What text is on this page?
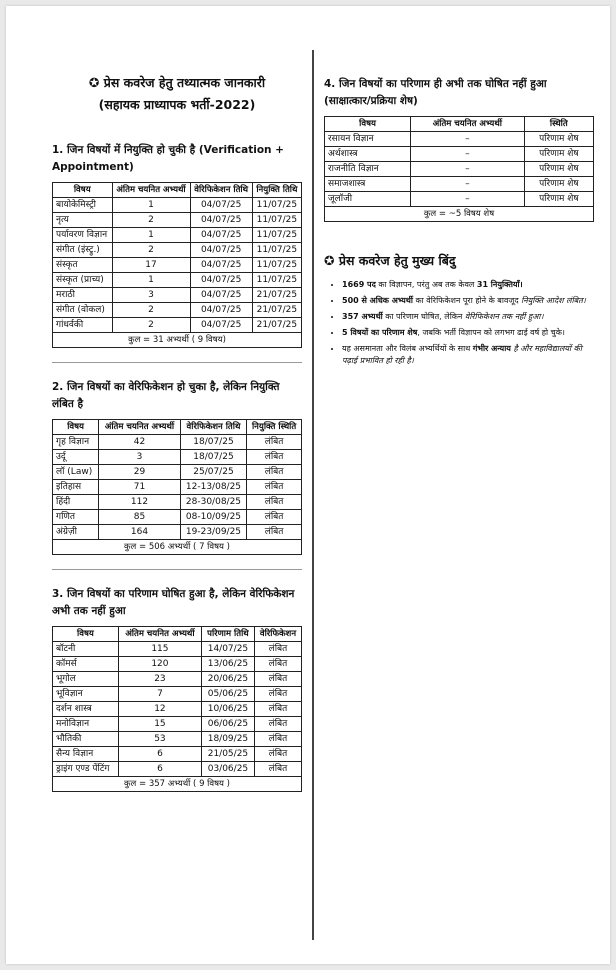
✪ प्रेस कवरेज हेतु तथ्यात्मक जानकारी
(सहायक प्राध्यापक भर्ती-2022)
1. जिन विषयों में नियुक्ति हो चुकी है (Verification + Appointment)
विषय	अंतिम चयनित अभ्यर्थी	वेरिफिकेशन तिथि	नियुक्ति तिथि
बायोकेमिस्ट्री	1	04/07/25	11/07/25
नृत्य	2	04/07/25	11/07/25
पर्यावरण विज्ञान	1	04/07/25	11/07/25
संगीत (इंस्ट्रु.)	2	04/07/25	11/07/25
संस्कृत	17	04/07/25	11/07/25
संस्कृत (प्राच्य)	1	04/07/25	11/07/25
मराठी	3	04/07/25	21/07/25
संगीत (वोकल)	2	04/07/25	21/07/25
गांधर्वकी	2	04/07/25	21/07/25
कुल = 31 अभ्यर्थी ( 9 विषय)			
2. जिन विषयों का वेरिफिकेशन हो चुका है, लेकिन नियुक्ति लंबित है
विषय	अंतिम चयनित अभ्यर्थी	वेरिफिकेशन तिथि	नियुक्ति स्थिति
गृह विज्ञान	42	18/07/25	लंबित
उर्दू	3	18/07/25	लंबित
लॉ (Law)	29	25/07/25	लंबित
इतिहास	71	12-13/08/25	लंबित
हिंदी	112	28-30/08/25	लंबित
गणित	85	08-10/09/25	लंबित
अंग्रेज़ी	164	19-23/09/25	लंबित
कुल = 506 अभ्यर्थी ( 7 विषय )			
3. जिन विषयों का परिणाम घोषित हुआ है, लेकिन वेरिफिकेशन अभी तक नहीं हुआ
विषय	अंतिम चयनित अभ्यर्थी	परिणाम तिथि	वेरिफिकेशन
बॉटनी	115	14/07/25	लंबित
कॉमर्स	120	13/06/25	लंबित
भूगोल	23	20/06/25	लंबित
भूविज्ञान	7	05/06/25	लंबित
दर्शन शास्त्र	12	10/06/25	लंबित
मनोविज्ञान	15	06/06/25	लंबित
भौतिकी	53	18/09/25	लंबित
सैन्य विज्ञान	6	21/05/25	लंबित
ड्राइंग एण्ड पेंटिंग	6	03/06/25	लंबित
कुल = 357 अभ्यर्थी ( 9 विषय )			
4. जिन विषयों का परिणाम ही अभी तक घोषित नहीं हुआ (साक्षात्कार/प्रक्रिया शेष)
विषय	अंतिम चयनित अभ्यर्थी	स्थिति
रसायन विज्ञान	–	परिणाम शेष
अर्थशास्त्र	–	परिणाम शेष
राजनीति विज्ञान	–	परिणाम शेष
समाजशास्त्र	–	परिणाम शेष
जूलॉजी	–	परिणाम शेष
कुल = ~5 विषय शेष		
✪ प्रेस कवरेज हेतु मुख्य बिंदु
• 1669 पद का विज्ञापन, परंतु अब तक केवल 31 नियुक्तियाँ।
• 500 से अधिक अभ्यर्थी का वेरिफिकेशन पूरा होने के बावजूद नियुक्ति आदेश लंबित।
• 357 अभ्यर्थी का परिणाम घोषित, लेकिन वेरिफिकेशन तक नहीं हुआ।
• 5 विषयों का परिणाम शेष, जबकि भर्ती विज्ञापन को लगभग ढाई वर्ष हो चुके।
• यह असमानता और विलंब अभ्यर्थियों के साथ गंभीर अन्याय है और महाविद्यालयों की पढ़ाई प्रभावित हो रही है।
